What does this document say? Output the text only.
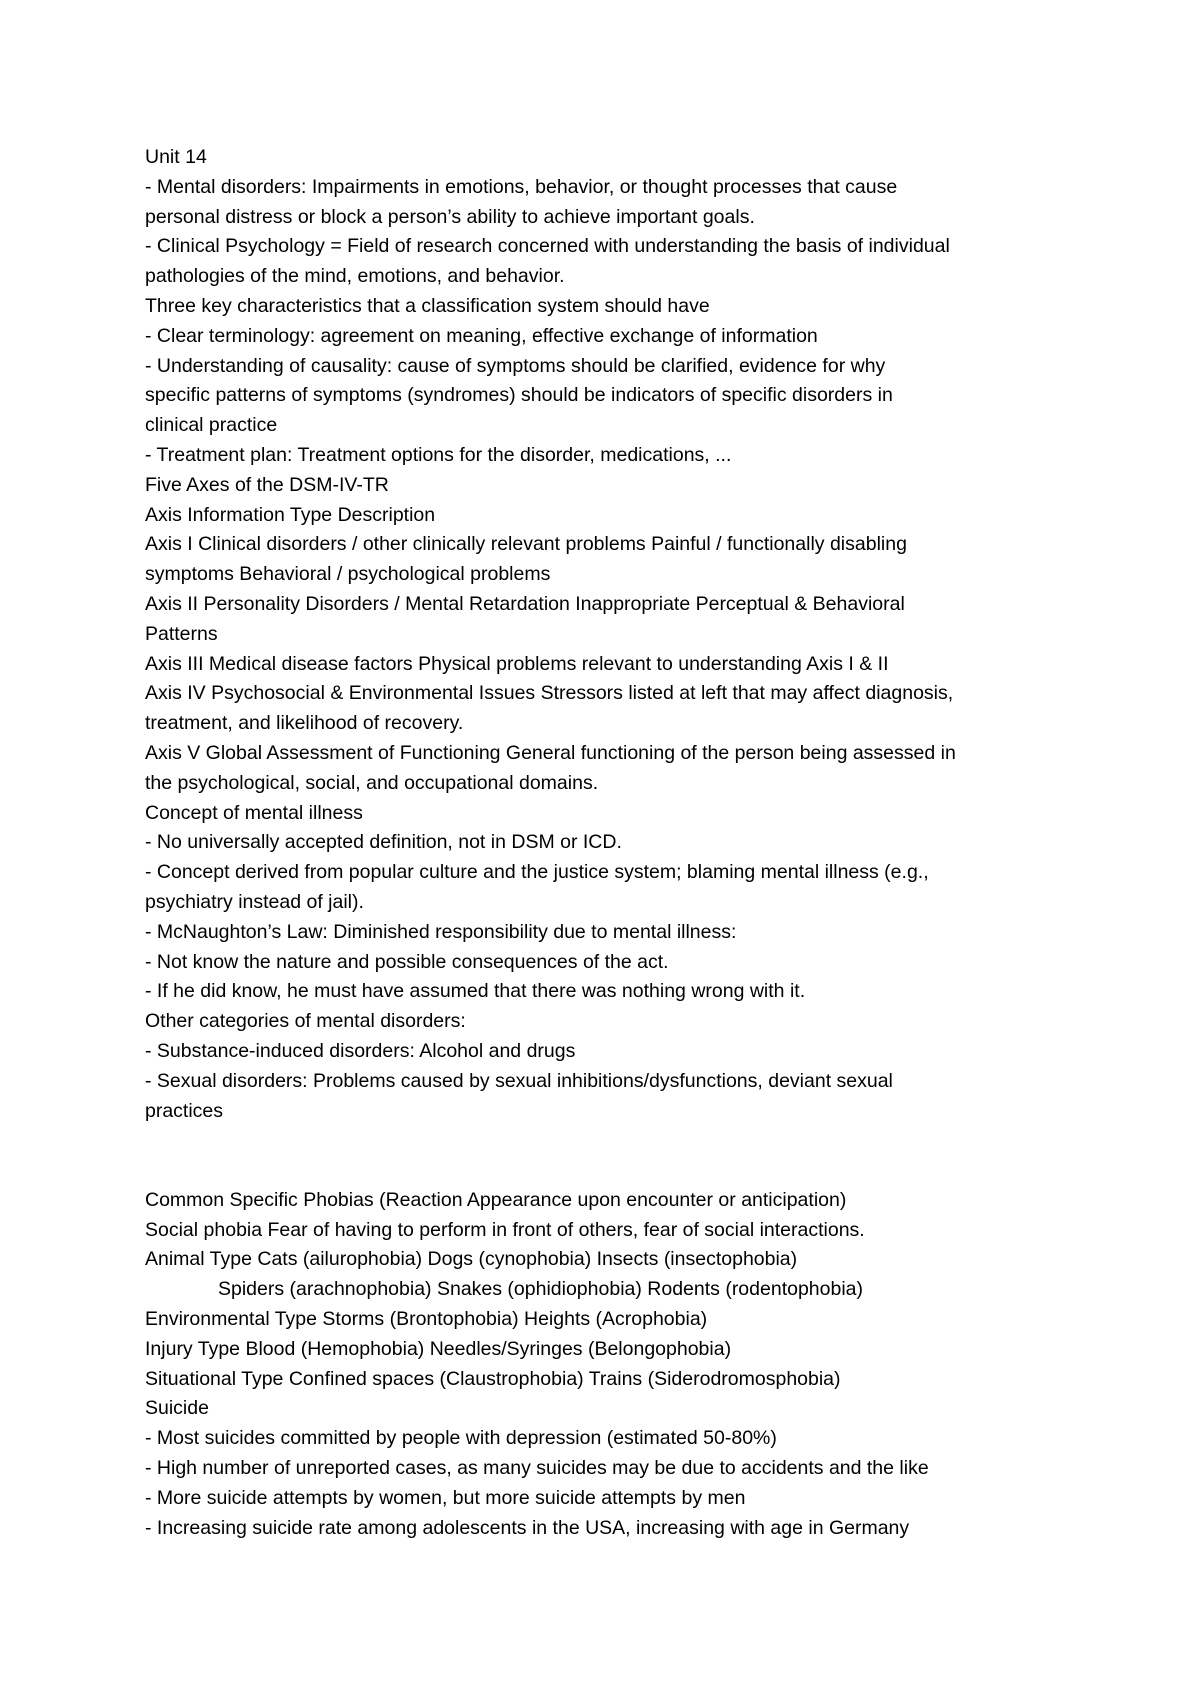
Unit 14
- Mental disorders: Impairments in emotions, behavior, or thought processes that cause
personal distress or block a person’s ability to achieve important goals.
- Clinical Psychology = Field of research concerned with understanding the basis of individual
pathologies of the mind, emotions, and behavior.
Three key characteristics that a classification system should have
- Clear terminology: agreement on meaning, effective exchange of information
- Understanding of causality: cause of symptoms should be clarified, evidence for why
specific patterns of symptoms (syndromes) should be indicators of specific disorders in
clinical practice
- Treatment plan: Treatment options for the disorder, medications, ...
Five Axes of the DSM-IV-TR
Axis Information Type Description
Axis I Clinical disorders / other clinically relevant problems Painful / functionally disabling
symptoms Behavioral / psychological problems
Axis II Personality Disorders / Mental Retardation Inappropriate Perceptual & Behavioral
Patterns
Axis III Medical disease factors Physical problems relevant to understanding Axis I & II
Axis IV Psychosocial & Environmental Issues Stressors listed at left that may affect diagnosis,
treatment, and likelihood of recovery.
Axis V Global Assessment of Functioning General functioning of the person being assessed in
the psychological, social, and occupational domains.
Concept of mental illness
- No universally accepted definition, not in DSM or ICD.
- Concept derived from popular culture and the justice system; blaming mental illness (e.g.,
psychiatry instead of jail).
- McNaughton’s Law: Diminished responsibility due to mental illness:
- Not know the nature and possible consequences of the act.
- If he did know, he must have assumed that there was nothing wrong with it.
Other categories of mental disorders:
- Substance-induced disorders: Alcohol and drugs
- Sexual disorders: Problems caused by sexual inhibitions/dysfunctions, deviant sexual
practices
Common Specific Phobias (Reaction Appearance upon encounter or anticipation)
Social phobia Fear of having to perform in front of others, fear of social interactions.
Animal Type Cats (ailurophobia) Dogs (cynophobia) Insects (insectophobia)
Spiders (arachnophobia) Snakes (ophidiophobia) Rodents (rodentophobia)
Environmental Type Storms (Brontophobia) Heights (Acrophobia)
Injury Type Blood (Hemophobia) Needles/Syringes (Belongophobia)
Situational Type Confined spaces (Claustrophobia) Trains (Siderodromosphobia)
Suicide
- Most suicides committed by people with depression (estimated 50-80%)
- High number of unreported cases, as many suicides may be due to accidents and the like
- More suicide attempts by women, but more suicide attempts by men
- Increasing suicide rate among adolescents in the USA, increasing with age in Germany
